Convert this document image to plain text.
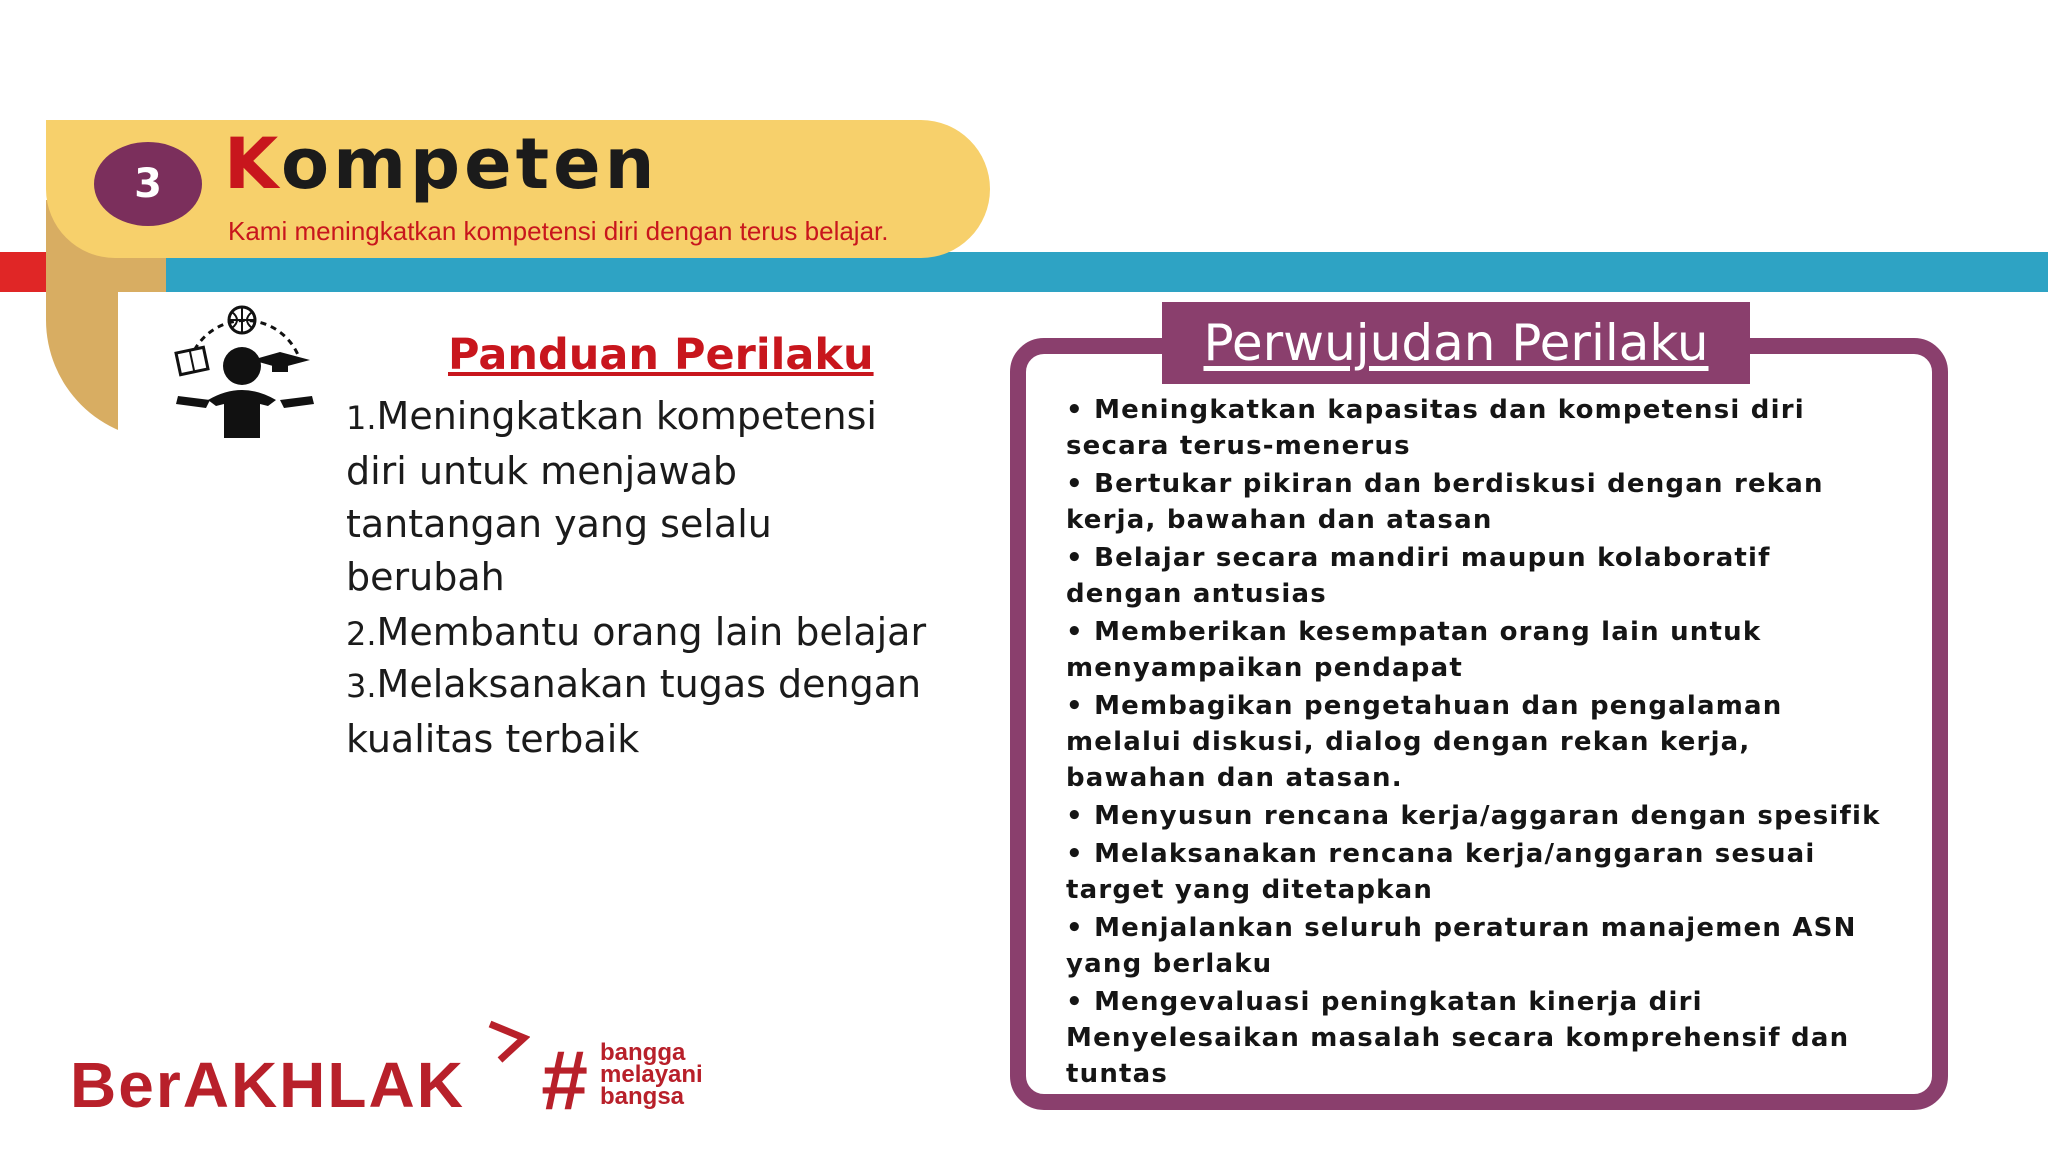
3 Kompeten
Kami meningkatkan kompetensi diri dengan terus belajar.
Panduan Perilaku
1.Meningkatkan kompetensi diri untuk menjawab tantangan yang selalu berubah
2.Membantu orang lain belajar
3.Melaksanakan tugas dengan kualitas terbaik
Perwujudan Perilaku
• Meningkatkan kapasitas dan kompetensi diri secara terus-menerus
• Bertukar pikiran dan berdiskusi dengan rekan kerja, bawahan dan atasan
• Belajar secara mandiri maupun kolaboratif dengan antusias
• Memberikan kesempatan orang lain untuk menyampaikan pendapat
• Membagikan pengetahuan dan pengalaman melalui diskusi, dialog dengan rekan kerja, bawahan dan atasan.
• Menyusun rencana kerja/aggaran dengan spesifik
• Melaksanakan rencana kerja/anggaran sesuai target yang ditetapkan
• Menjalankan seluruh peraturan manajemen ASN yang berlaku
• Mengevaluasi peningkatan kinerja diri
Menyelesaikan masalah secara komprehensif dan tuntas
BerAKHLAK # bangga
melayani
bangsa
